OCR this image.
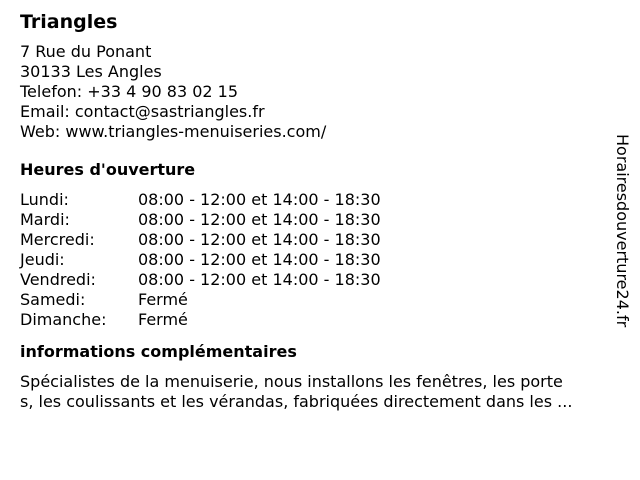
Triangles
7 Rue du Ponant
30133 Les Angles
Telefon: +33 4 90 83 02 15
Email: contact@sastriangles.fr
Web: www.triangles-menuiseries.com/
Heures d'ouverture
Lundi:	08:00 - 12:00 et 14:00 - 18:30
Mardi:	08:00 - 12:00 et 14:00 - 18:30
Mercredi:	08:00 - 12:00 et 14:00 - 18:30
Jeudi:	08:00 - 12:00 et 14:00 - 18:30
Vendredi:	08:00 - 12:00 et 14:00 - 18:30
Samedi:	Fermé
Dimanche:	Fermé
informations complémentaires
Spécialistes de la menuiserie, nous installons les fenêtres, les porte
s, les coulissants et les vérandas, fabriquées directement dans les ...
Horairesdouverture24.fr
